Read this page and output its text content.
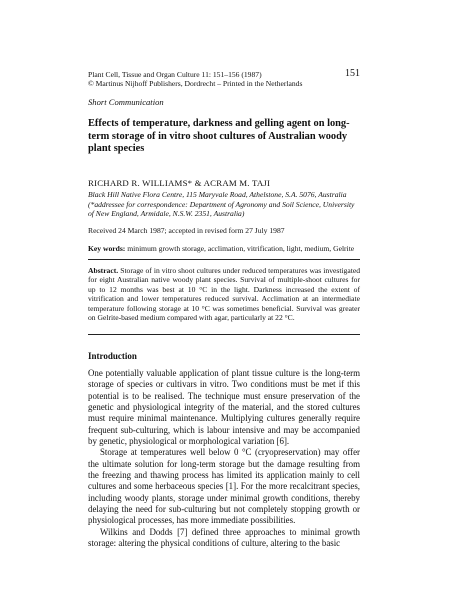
Plant Cell, Tissue and Organ Culture 11: 151–156 (1987)
© Martinus Nijhoff Publishers, Dordrecht – Printed in the Netherlands
151
Short Communication
Effects of temperature, darkness and gelling agent on long-term storage of in vitro shoot cultures of Australian woody plant species
RICHARD R. WILLIAMS* & ACRAM M. TAJI
Black Hill Native Flora Centre, 115 Maryvale Road, Athelstone, S.A. 5076, Australia
(*addressee for correspondence: Department of Agronomy and Soil Science, University of New England, Armidale, N.S.W. 2351, Australia)
Received 24 March 1987; accepted in revised form 27 July 1987
Key words: minimum growth storage, acclimation, vitrification, light, medium, Gelrite
Abstract. Storage of in vitro shoot cultures under reduced temperatures was investigated for eight Australian native woody plant species. Survival of multiple-shoot cultures for up to 12 months was best at 10 °C in the light. Darkness increased the extent of vitrification and lower temperatures reduced survival. Acclimation at an intermediate temperature following storage at 10 °C was sometimes beneficial. Survival was greater on Gelrite-based medium compared with agar, particularly at 22 °C.
Introduction

One potentially valuable application of plant tissue culture is the long-term storage of species or cultivars in vitro. Two conditions must be met if this potential is to be realised. The technique must ensure preservation of the genetic and physiological integrity of the material, and the stored cultures must require minimal maintenance. Multiplying cultures generally require frequent sub-culturing, which is labour intensive and may be accompanied by genetic, physiological or morphological variation [6].

Storage at temperatures well below 0 °C (cryopreservation) may offer the ultimate solution for long-term storage but the damage resulting from the freezing and thawing process has limited its application mainly to cell cultures and some herbaceous species [1]. For the more recalcitrant species, including woody plants, storage under minimal growth conditions, thereby delaying the need for sub-culturing but not completely stopping growth or physiological processes, has more immediate possibilities.

Wilkins and Dodds [7] defined three approaches to minimal growth storage: altering the physical conditions of culture, altering to the basic
